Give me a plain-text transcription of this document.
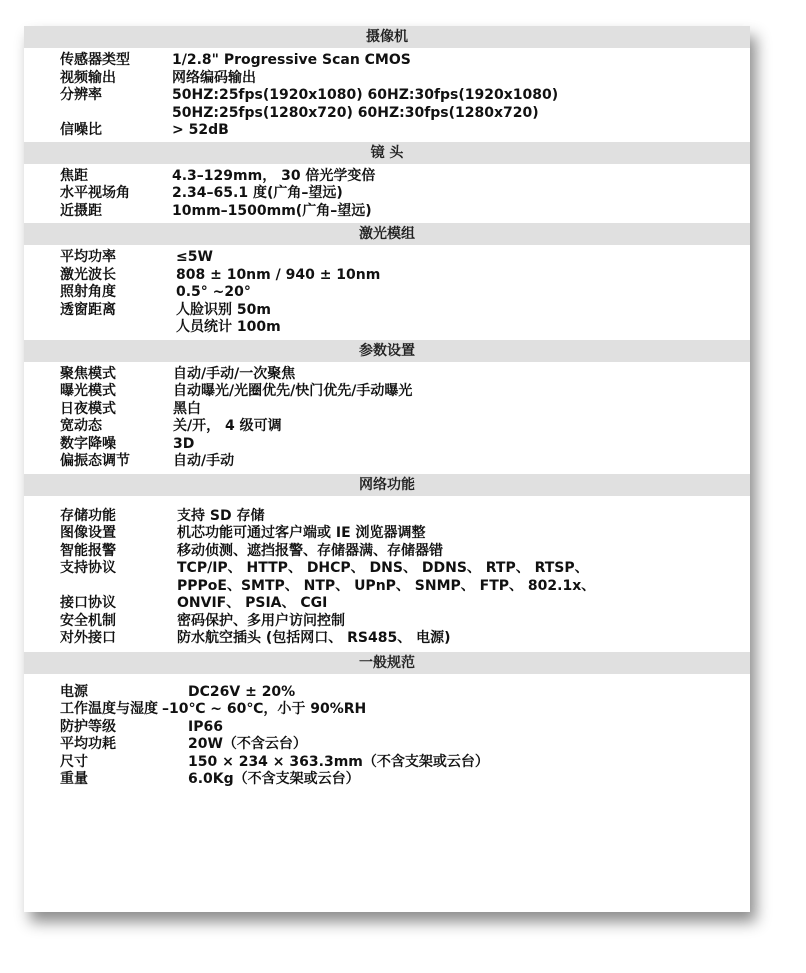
摄像机
传感器类型	1/2.8" Progressive Scan CMOS
视频输出	网络编码输出
分辨率	50HZ:25fps(1920x1080) 60HZ:30fps(1920x1080)
50HZ:25fps(1280x720) 60HZ:30fps(1280x720)
信噪比	> 52dB
镜 头
焦距	4.3–129mm， 30 倍光学变倍
水平视场角	2.34–65.1 度(广角–望远)
近摄距	10mm–1500mm(广角–望远)
激光模组
平均功率	≤5W
激光波长	808 ± 10nm / 940 ± 10nm
照射角度	0.5° ~20°
透窗距离	人脸识别 50m
人员统计 100m
参数设置
聚焦模式	自动/手动/一次聚焦
曝光模式	自动曝光/光圈优先/快门优先/手动曝光
日夜模式	黑白
宽动态	关/开， 4 级可调
数字降噪	3D
偏振态调节	自动/手动
网络功能
存储功能	支持 SD 存储
图像设置	机芯功能可通过客户端或 IE 浏览器调整
智能报警	移动侦测、遮挡报警、存储器满、存储器错
支持协议	TCP/IP、 HTTP、 DHCP、 DNS、 DDNS、 RTP、 RTSP、
PPPoE、SMTP、 NTP、 UPnP、 SNMP、 FTP、 802.1x、
接口协议	ONVIF、 PSIA、 CGI
安全机制	密码保护、多用户访问控制
对外接口	防水航空插头 (包括网口、 RS485、 电源)
一般规范
电源	DC26V ± 20%
工作温度与湿度 –10℃ ~ 60℃，小于 90%RH
防护等级	IP66
平均功耗	20W（不含云台）
尺寸	150 × 234 × 363.3mm（不含支架或云台）
重量	6.0Kg（不含支架或云台）
